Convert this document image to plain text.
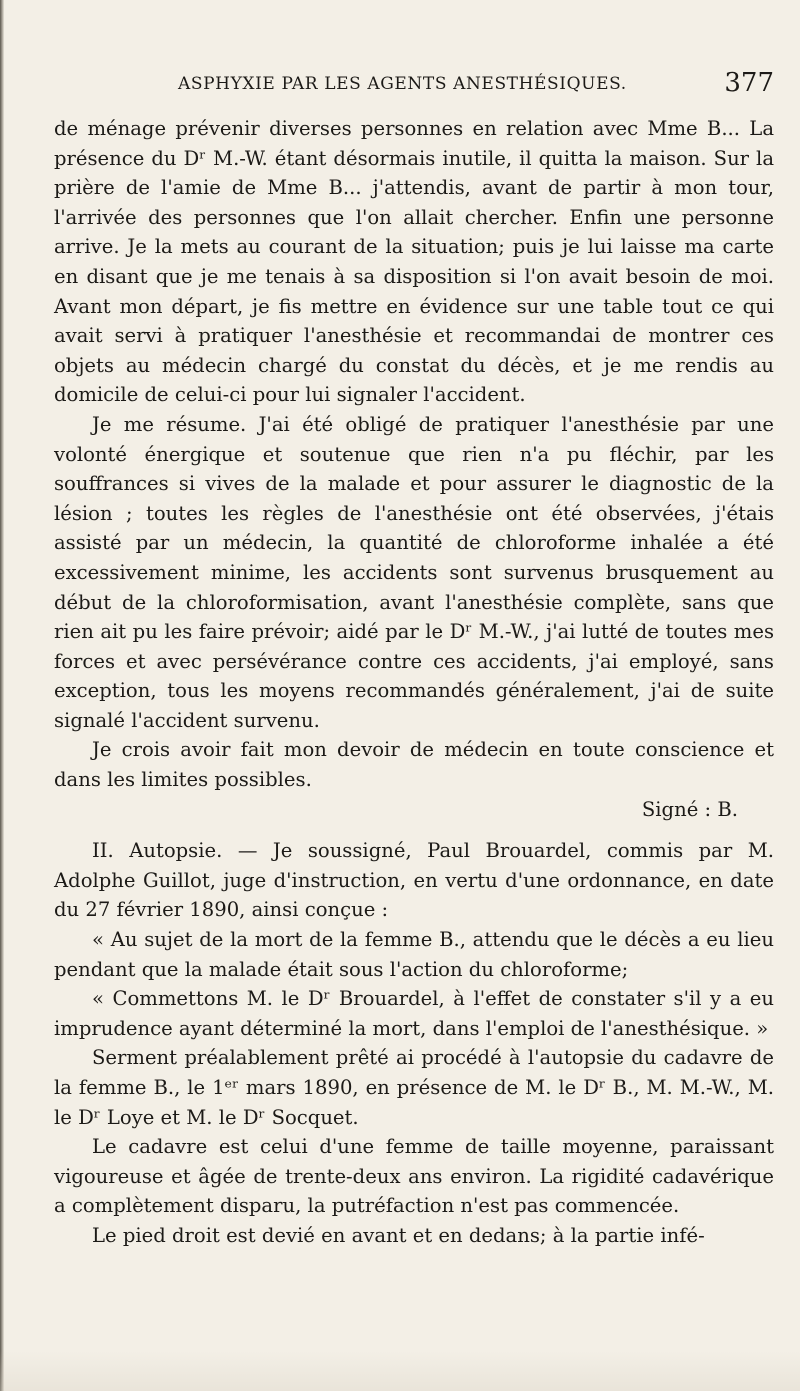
ASPHYXIE PAR LES AGENTS ANESTHÉSIQUES.	377

de ménage prévenir diverses personnes en relation avec Mme B... La présence du Dʳ M.-W. étant désormais inutile, il quitta la maison. Sur la prière de l'amie de Mme B... j'attendis, avant de partir à mon tour, l'arrivée des personnes que l'on allait chercher. Enfin une personne arrive. Je la mets au courant de la situation; puis je lui laisse ma carte en disant que je me tenais à sa disposition si l'on avait besoin de moi. Avant mon départ, je fis mettre en évidence sur une table tout ce qui avait servi à pratiquer l'anesthésie et recommandai de montrer ces objets au médecin chargé du constat du décès, et je me rendis au domicile de celui-ci pour lui signaler l'accident.

Je me résume. J'ai été obligé de pratiquer l'anesthésie par une volonté énergique et soutenue que rien n'a pu fléchir, par les souffrances si vives de la malade et pour assurer le diagnostic de la lésion ; toutes les règles de l'anesthésie ont été observées, j'étais assisté par un médecin, la quantité de chloroforme inhalée a été excessivement minime, les accidents sont survenus brusquement au début de la chloroformisation, avant l'anesthésie complète, sans que rien ait pu les faire prévoir; aidé par le Dʳ M.-W., j'ai lutté de toutes mes forces et avec persévérance contre ces accidents, j'ai employé, sans exception, tous les moyens recommandés généralement, j'ai de suite signalé l'accident survenu.

Je crois avoir fait mon devoir de médecin en toute conscience et dans les limites possibles.

Signé : B.

II. Autopsie. — Je soussigné, Paul Brouardel, commis par M. Adolphe Guillot, juge d'instruction, en vertu d'une ordonnance, en date du 27 février 1890, ainsi conçue :

« Au sujet de la mort de la femme B., attendu que le décès a eu lieu pendant que la malade était sous l'action du chloroforme;

« Commettons M. le Dʳ Brouardel, à l'effet de constater s'il y a eu imprudence ayant déterminé la mort, dans l'emploi de l'anesthésique. »

Serment préalablement prêté ai procédé à l'autopsie du cadavre de la femme B., le 1ᵉʳ mars 1890, en présence de M. le Dʳ B., M. M.-W., M. le Dʳ Loye et M. le Dʳ Socquet.

Le cadavre est celui d'une femme de taille moyenne, paraissant vigoureuse et âgée de trente-deux ans environ. La rigidité cadavérique a complètement disparu, la putréfaction n'est pas commencée.

Le pied droit est devié en avant et en dedans; à la partie infé-
